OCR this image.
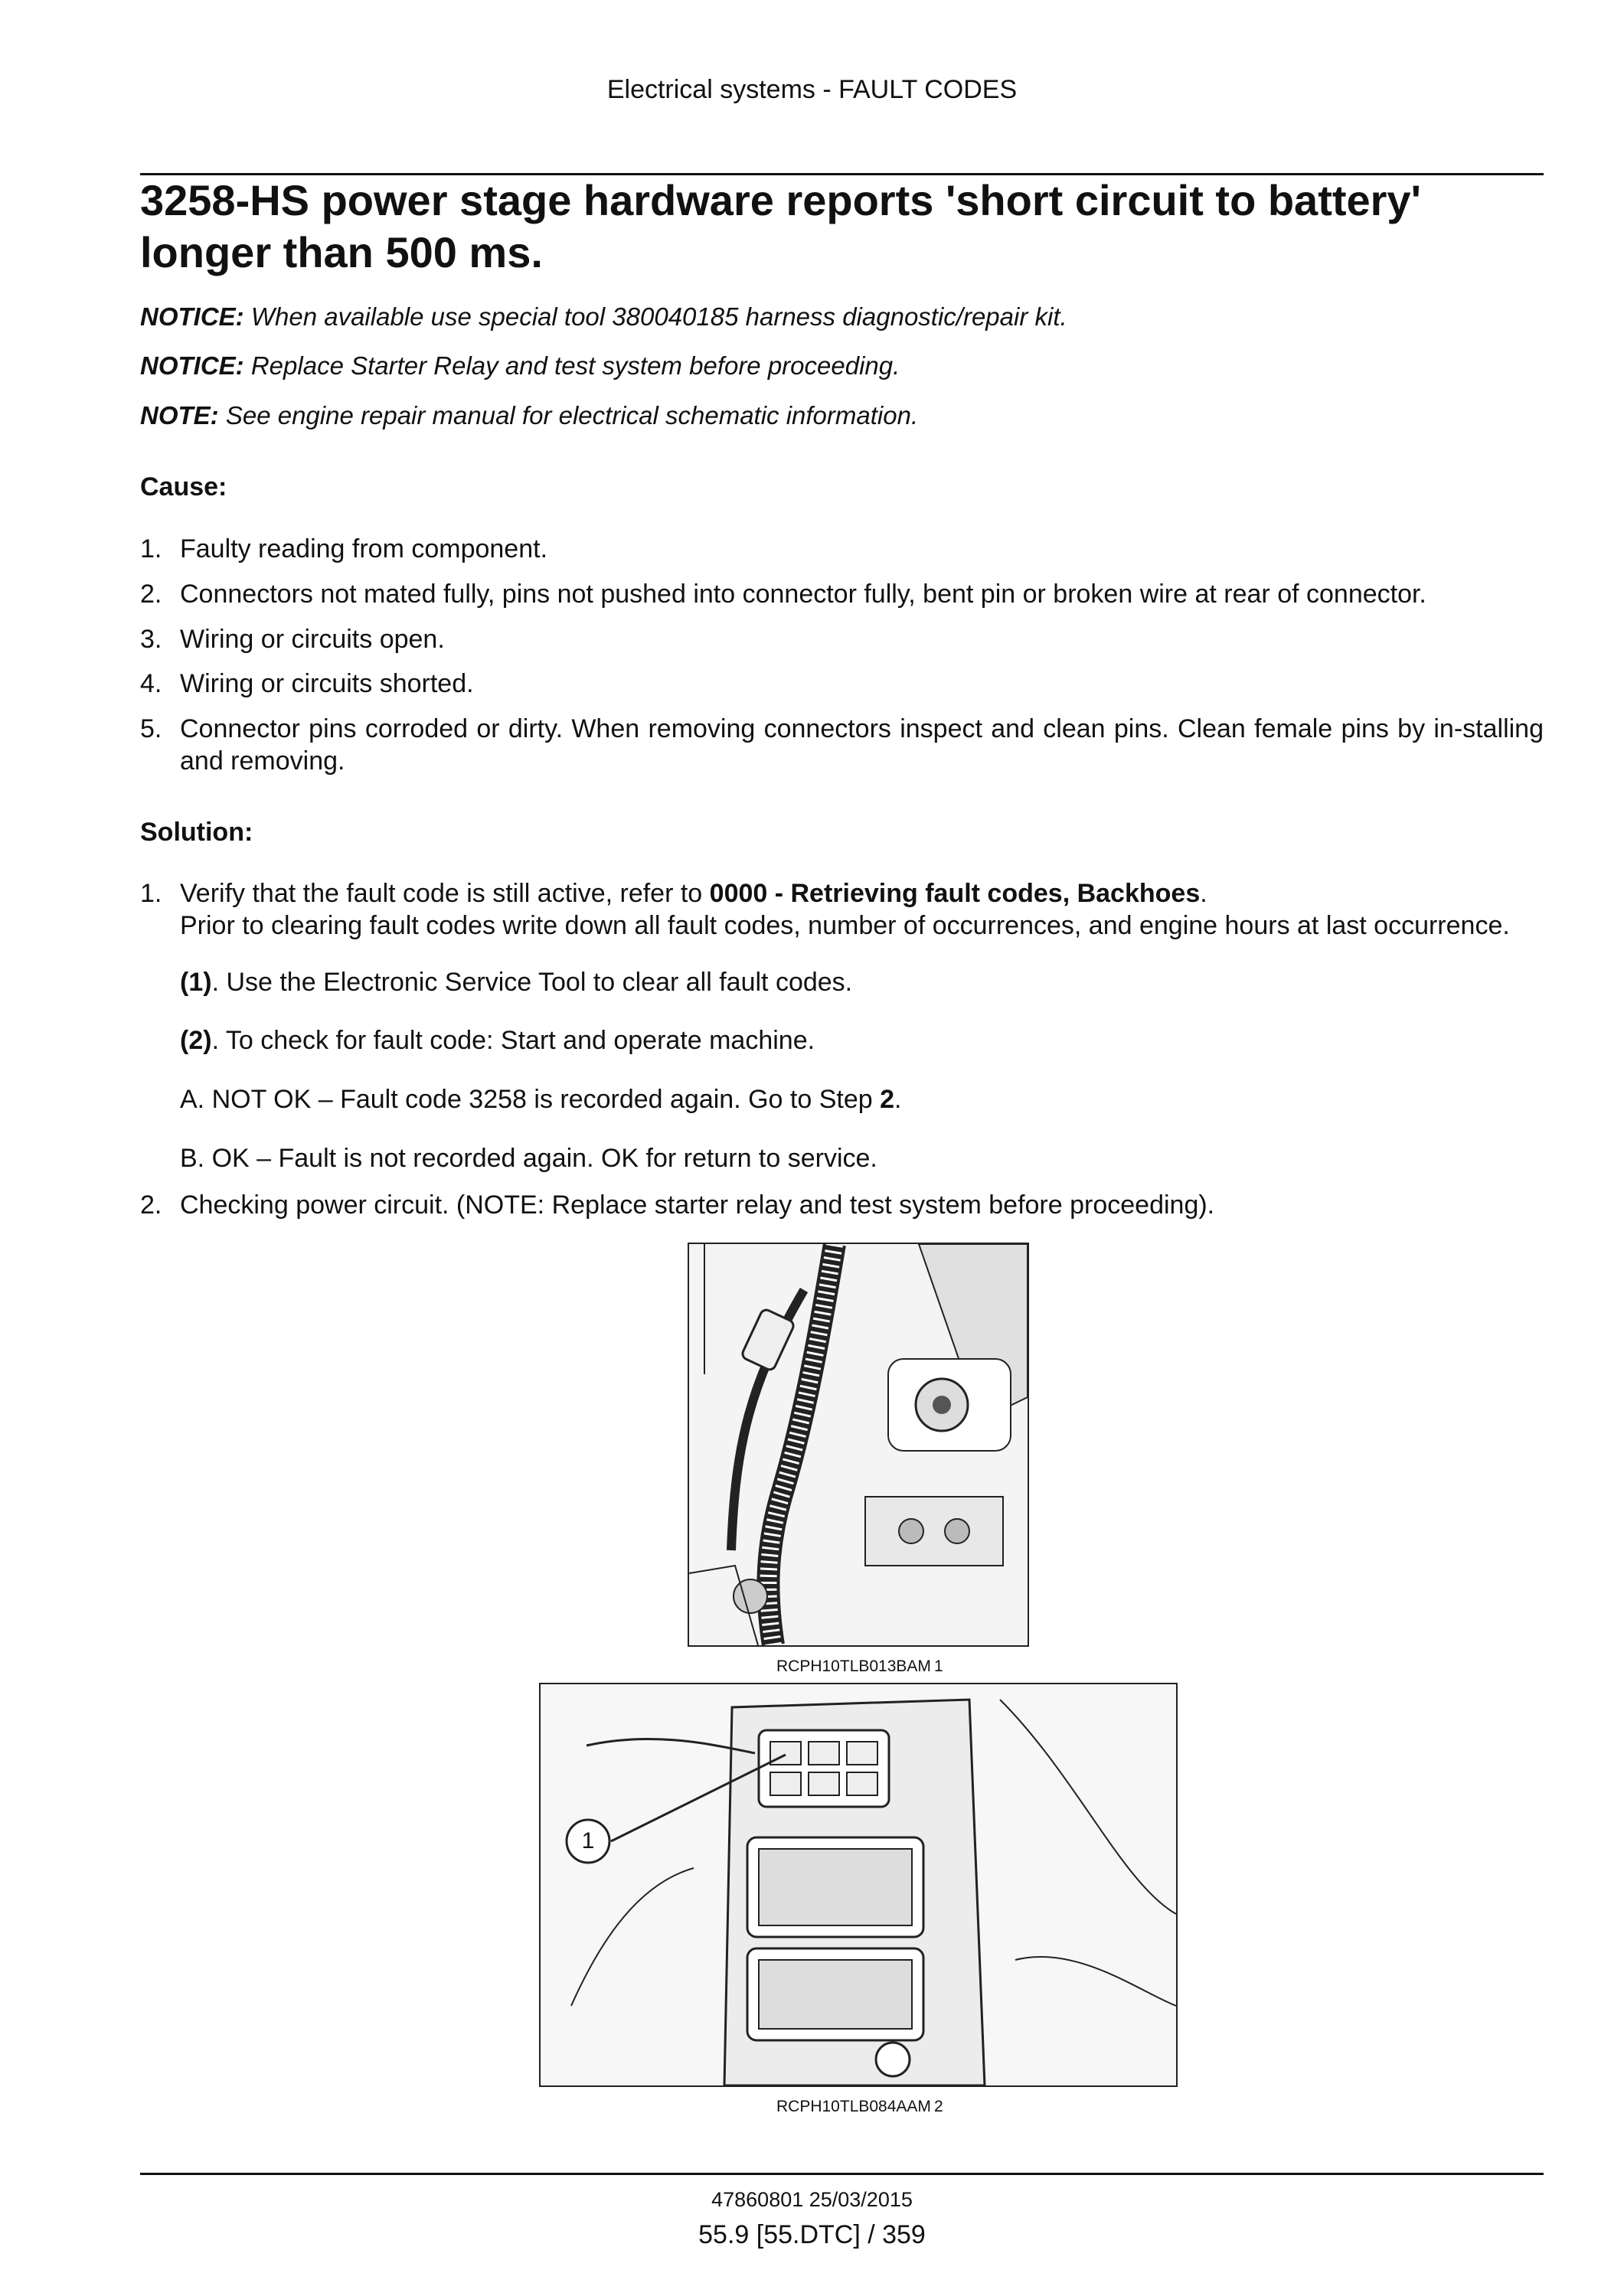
Electrical systems - FAULT CODES
3258-HS power stage hardware reports 'short circuit to battery' longer than 500 ms.
NOTICE: When available use special tool 380040185 harness diagnostic/repair kit.
NOTICE: Replace Starter Relay and test system before proceeding.
NOTE: See engine repair manual for electrical schematic information.
Cause:
1. Faulty reading from component.
2. Connectors not mated fully, pins not pushed into connector fully, bent pin or broken wire at rear of connector.
3. Wiring or circuits open.
4. Wiring or circuits shorted.
5. Connector pins corroded or dirty. When removing connectors inspect and clean pins. Clean female pins by in-stalling and removing.
Solution:
1. Verify that the fault code is still active, refer to 0000 - Retrieving fault codes, Backhoes.
Prior to clearing fault codes write down all fault codes, number of occurrences, and engine hours at last occurrence.
(1). Use the Electronic Service Tool to clear all fault codes.
(2). To check for fault code: Start and operate machine.
A. NOT OK – Fault code 3258 is recorded again. Go to Step 2.
B. OK – Fault is not recorded again. OK for return to service.
2. Checking power circuit. (NOTE: Replace starter relay and test system before proceeding).
RCPH10TLB013BAM 1
1
RCPH10TLB084AAM 2
47860801 25/03/2015
55.9 [55.DTC] / 359
